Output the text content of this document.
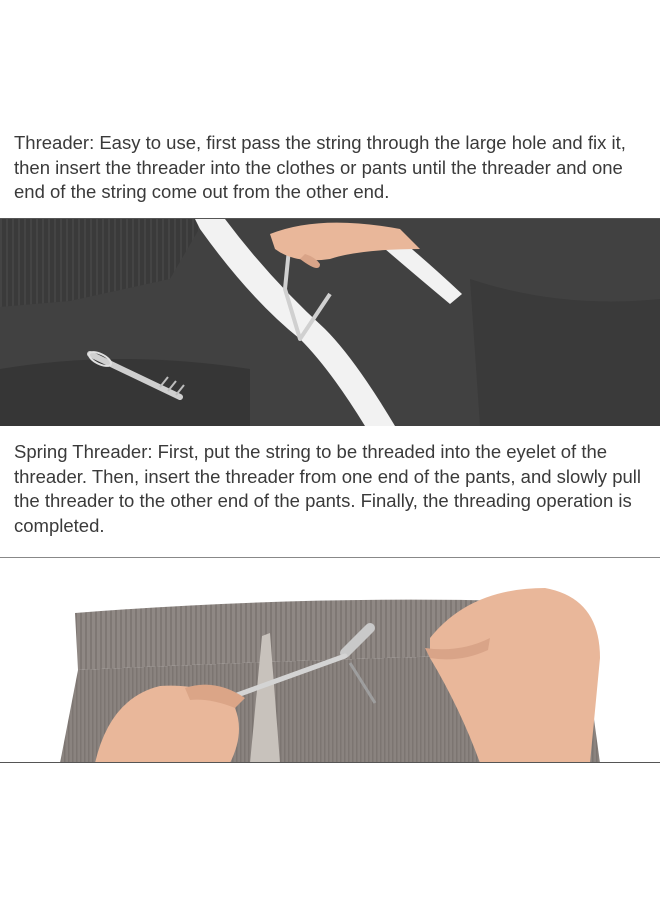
Threader: Easy to use, first pass the string through the large hole and fix it, then insert the threader into the clothes or pants until the threader and one end of the string come out from the other end.

Spring Threader: First, put the string to be threaded into the eyelet of the threader. Then, insert the threader from one end of the pants, and slowly pull the threader to the other end of the pants. Finally, the threading operation is completed.
